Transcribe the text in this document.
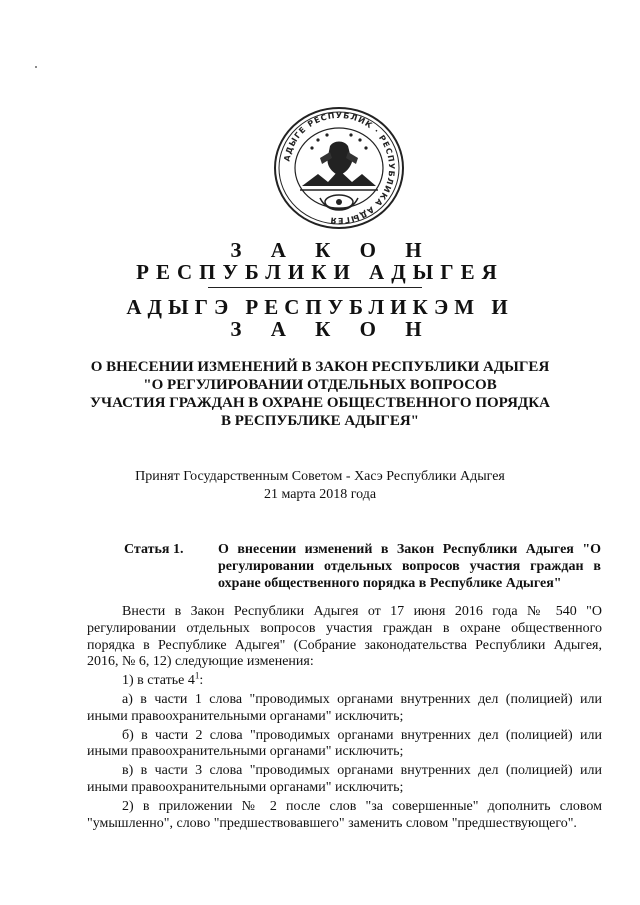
АДЫГЕ РЕСПУБЛИК · РЕСПУБЛИКА АДЫГЕЯ
З А К О Н
РЕСПУБЛИКИ АДЫГЕЯ
АДЫГЭ РЕСПУБЛИКЭМ И
З А К О Н
О ВНЕСЕНИИ ИЗМЕНЕНИЙ В ЗАКОН РЕСПУБЛИКИ АДЫГЕЯ
"О РЕГУЛИРОВАНИИ ОТДЕЛЬНЫХ ВОПРОСОВ
УЧАСТИЯ ГРАЖДАН В ОХРАНЕ ОБЩЕСТВЕННОГО ПОРЯДКА
В РЕСПУБЛИКЕ АДЫГЕЯ"
Принят Государственным Советом - Хасэ Республики Адыгея
21 марта 2018 года
Статья 1. О внесении изменений в Закон Республики Адыгея "О регулировании отдельных вопросов участия граждан в охране общественного порядка в Республике Адыгея"

Внести в Закон Республики Адыгея от 17 июня 2016 года № 540 "О регулировании отдельных вопросов участия граждан в охране общественного порядка в Республике Адыгея" (Собрание законодательства Республики Адыгея, 2016, № 6, 12) следующие изменения:

1) в статье $4^1$:

а) в части 1 слова "проводимых органами внутренних дел (полицией) или иными правоохранительными органами" исключить;

б) в части 2 слова "проводимых органами внутренних дел (полицией) или иными правоохранительными органами" исключить;

в) в части 3 слова "проводимых органами внутренних дел (полицией) или иными правоохранительными органами" исключить;

2) в приложении № 2 после слов "за совершенные" дополнить словом "умышленно", слово "предшествовавшего" заменить словом "предшествующего".
